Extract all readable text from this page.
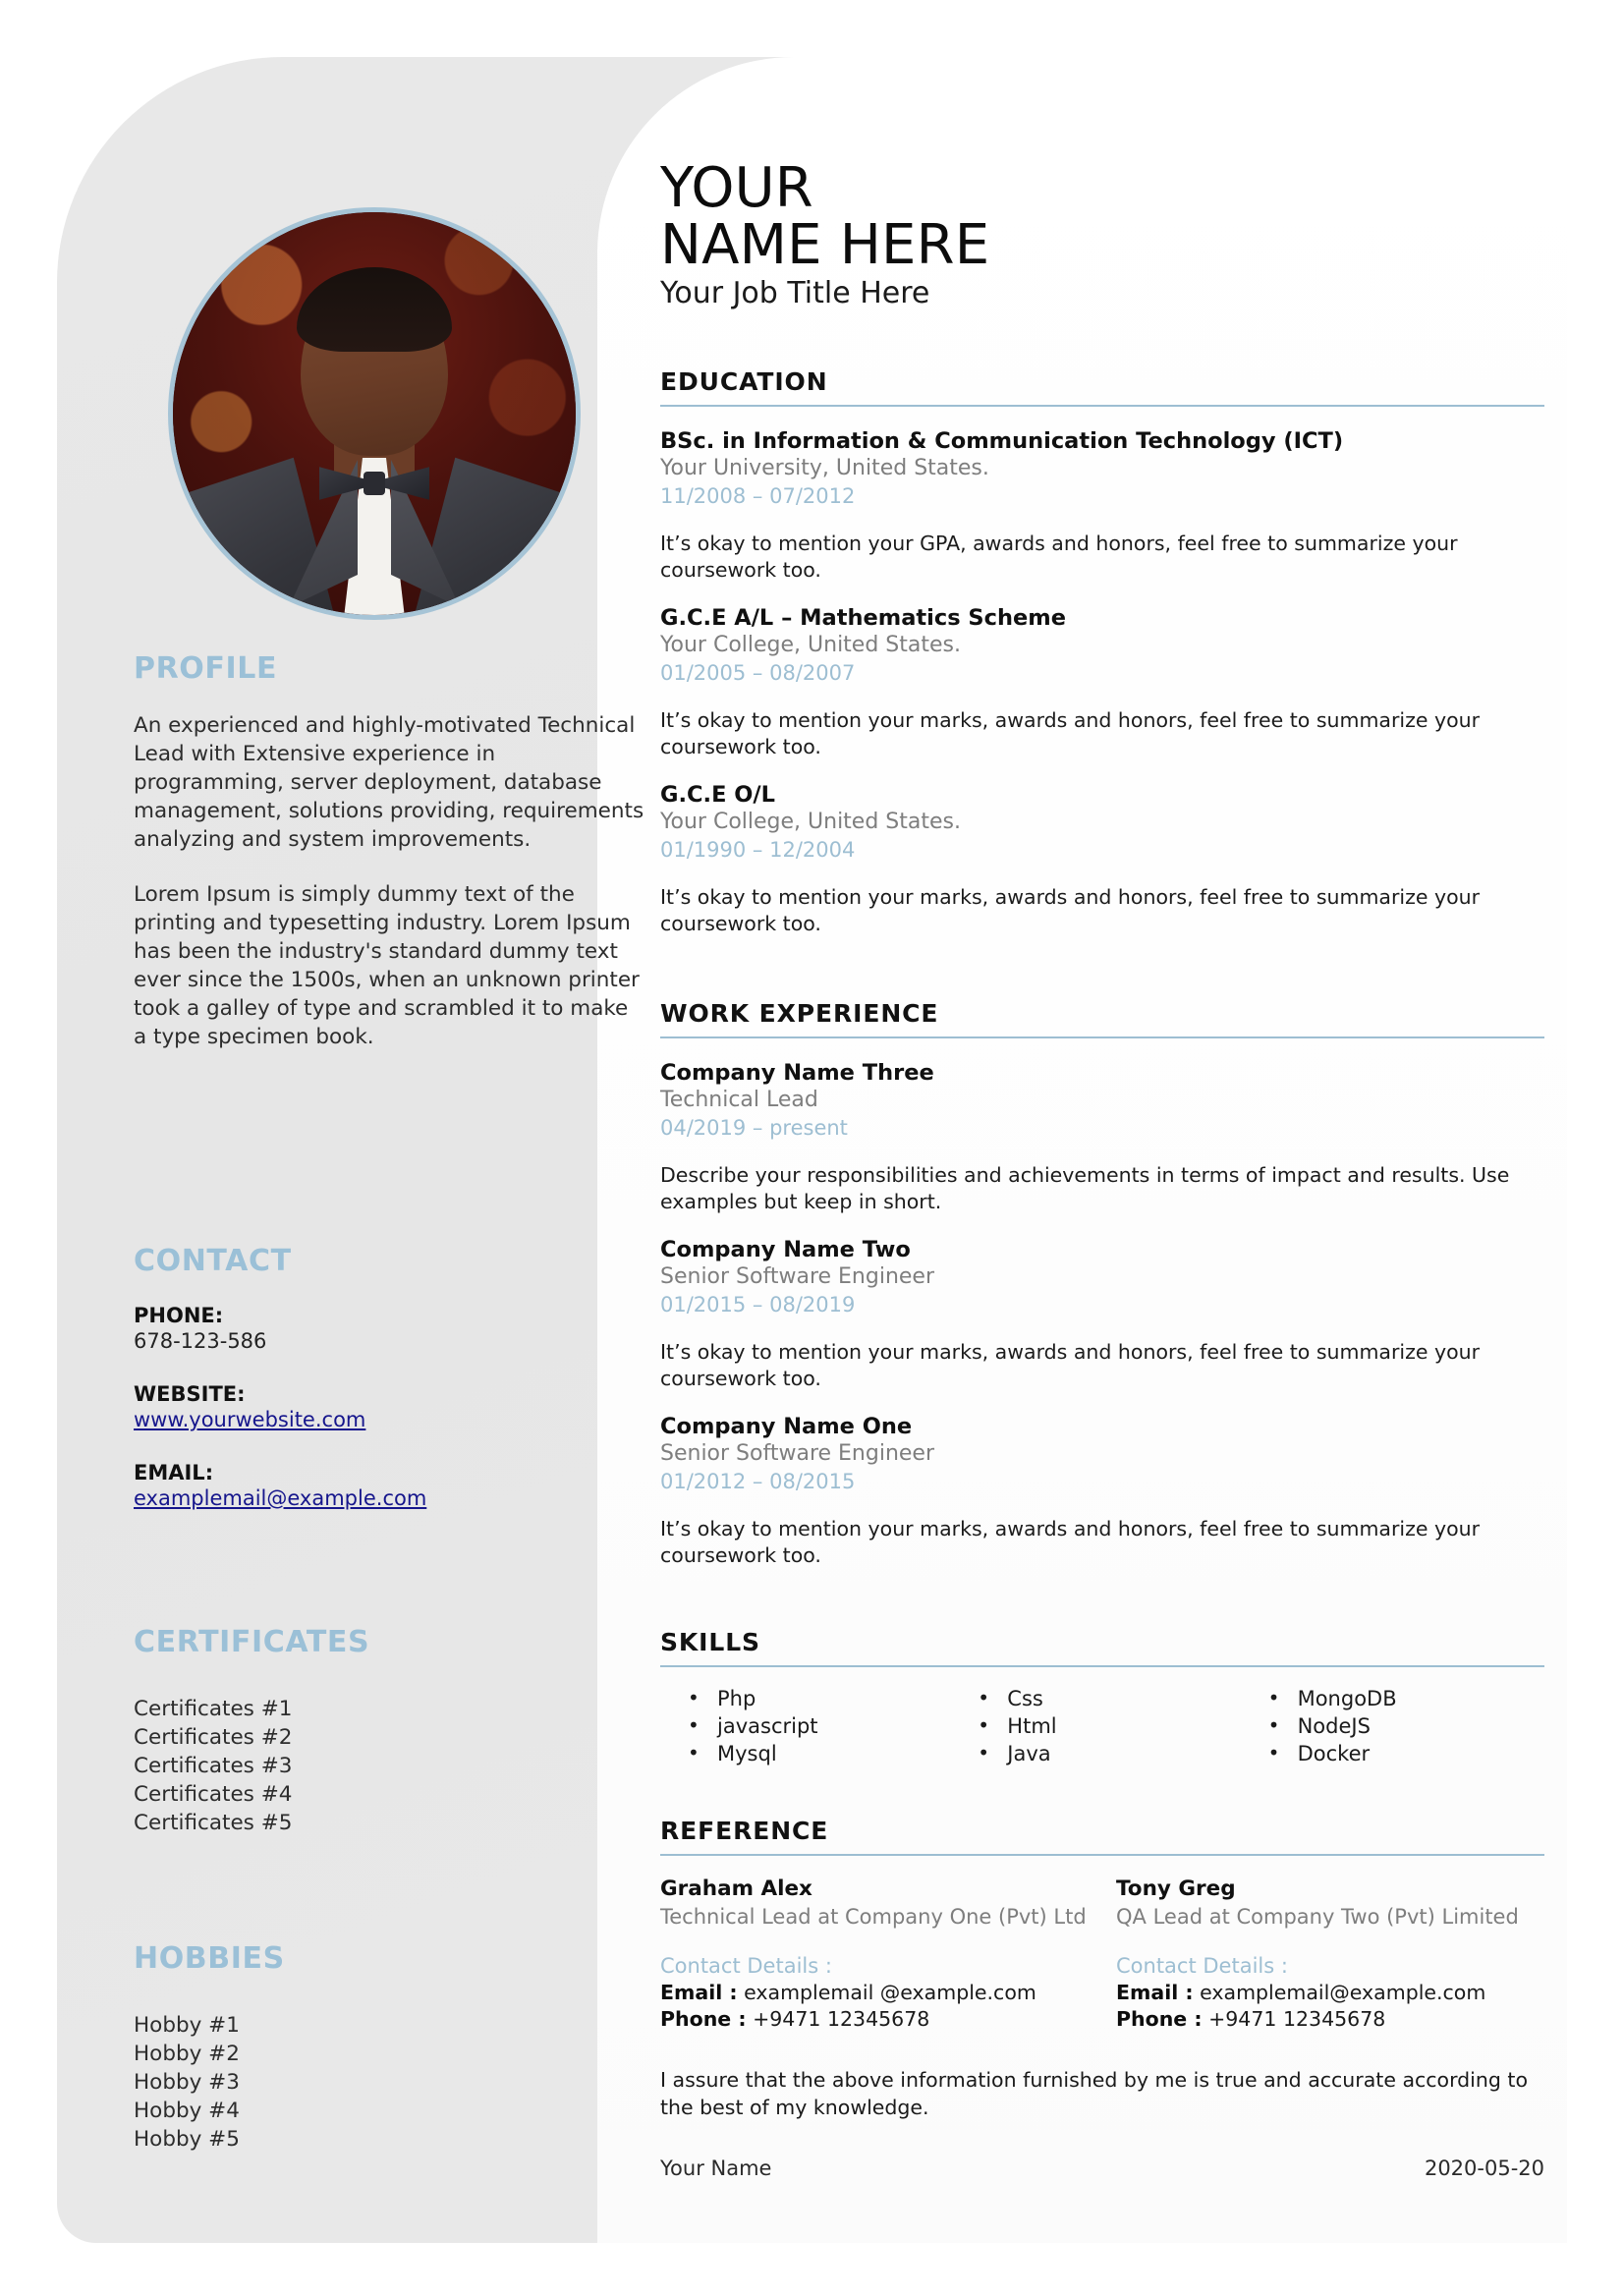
PROFILE
An experienced and highly-motivated Technical Lead with Extensive experience in programming, server deployment, database management, solutions providing, requirements analyzing and system improvements.
Lorem Ipsum is simply dummy text of the printing and typesetting industry. Lorem Ipsum has been the industry's standard dummy text ever since the 1500s, when an unknown printer took a galley of type and scrambled it to make a type specimen book.
CONTACT
PHONE:
678-123-586
WEBSITE:
www.yourwebsite.com
EMAIL:
examplemail@example.com
CERTIFICATES
Certificates #1
Certificates #2
Certificates #3
Certificates #4
Certificates #5
HOBBIES
Hobby #1
Hobby #2
Hobby #3
Hobby #4
Hobby #5
YOUR
NAME HERE
Your Job Title Here
EDUCATION
BSc. in Information & Communication Technology (ICT)
Your University, United States.
11/2008 – 07/2012
It’s okay to mention your GPA, awards and honors, feel free to summarize your coursework too.
G.C.E A/L – Mathematics Scheme
Your College, United States.
01/2005 – 08/2007
It’s okay to mention your marks, awards and honors, feel free to summarize your coursework too.
G.C.E O/L
Your College, United States.
01/1990 – 12/2004
It’s okay to mention your marks, awards and honors, feel free to summarize your coursework too.
WORK EXPERIENCE
Company Name Three
Technical Lead
04/2019 – present
Describe your responsibilities and achievements in terms of impact and results. Use examples but keep in short.
Company Name Two
Senior Software Engineer
01/2015 – 08/2019
It’s okay to mention your marks, awards and honors, feel free to summarize your coursework too.
Company Name One
Senior Software Engineer
01/2012 – 08/2015
It’s okay to mention your marks, awards and honors, feel free to summarize your coursework too.
SKILLS
• Php
• javascript
• Mysql
• Css
• Html
• Java
• MongoDB
• NodeJS
• Docker
REFERENCE
Graham Alex
Technical Lead at Company One (Pvt) Ltd
Contact Details :
Email : examplemail @example.com
Phone : +9471 12345678
Tony Greg
QA Lead at Company Two (Pvt) Limited
Contact Details :
Email : examplemail@example.com
Phone : +9471 12345678
I assure that the above information furnished by me is true and accurate according to the best of my knowledge.
Your Name	2020-05-20
